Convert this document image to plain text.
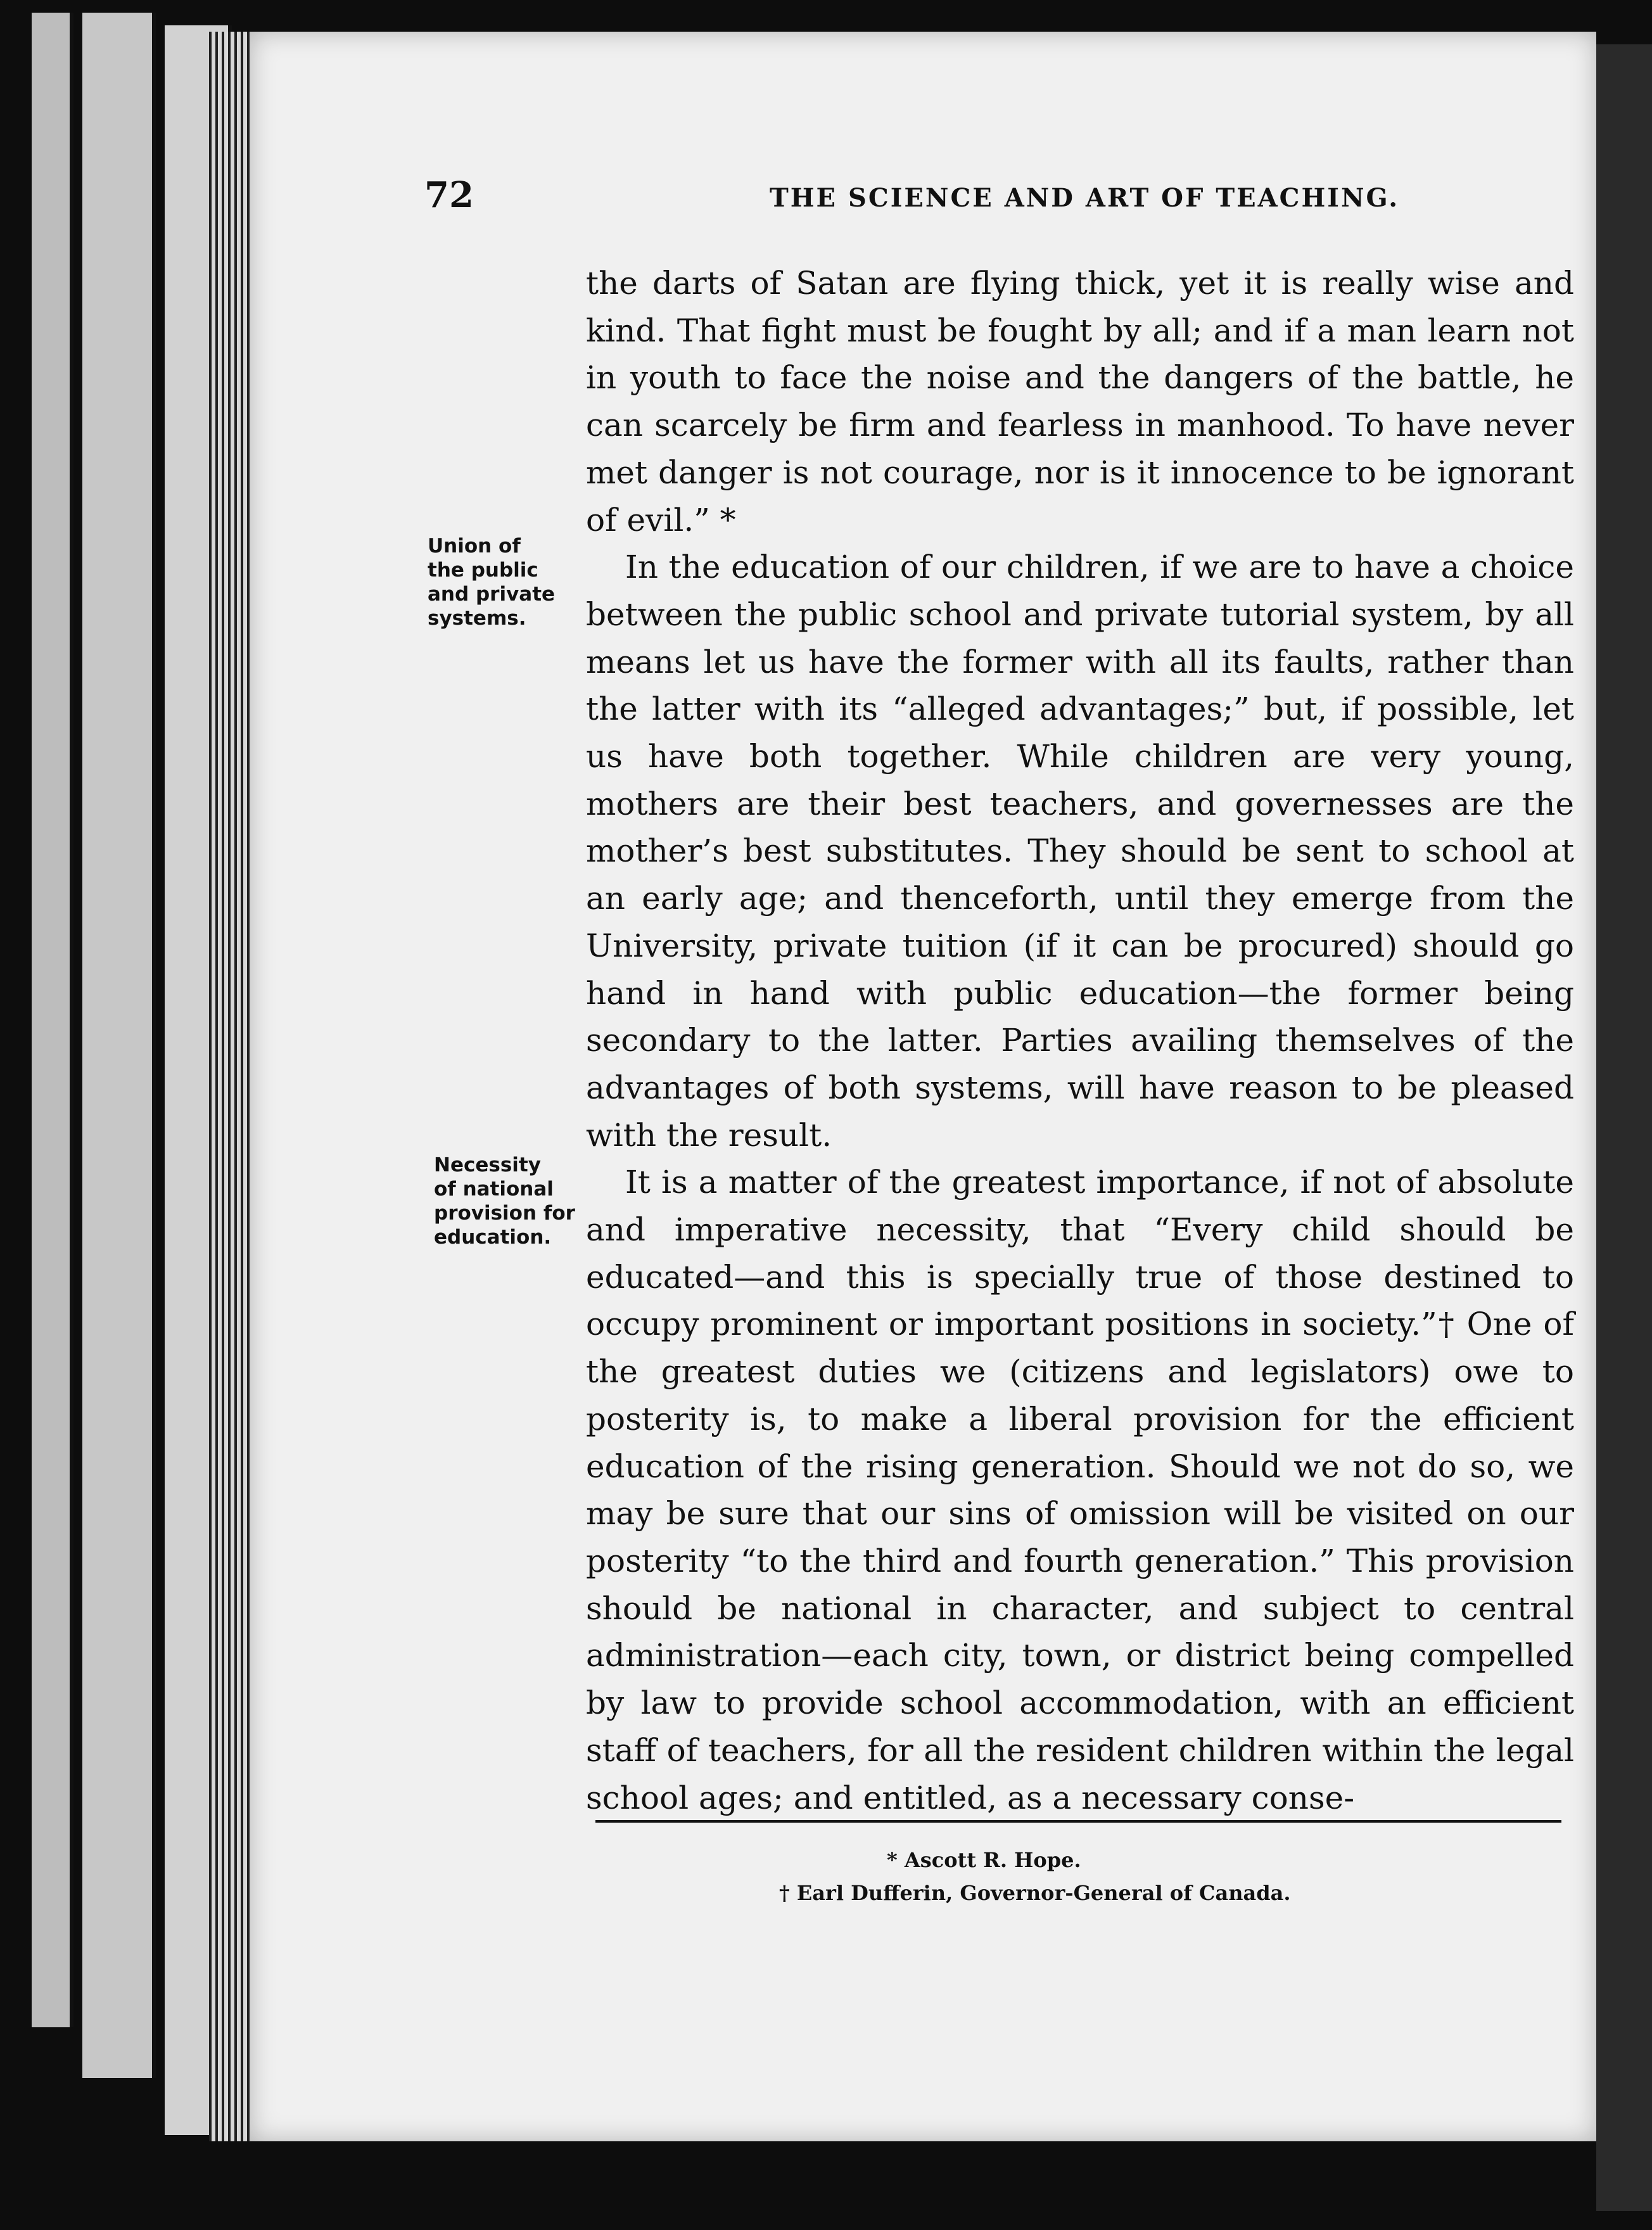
72	THE SCIENCE AND ART OF TEACHING.
Union of
the public
and private
systems.
Necessity
of national
provision for
education.

the darts of Satan are flying thick, yet it is really wise and kind. That fight must be fought by all; and if a man learn not in youth to face the noise and the dangers of the battle, he can scarcely be firm and fearless in manhood. To have never met danger is not courage, nor is it innocence to be ignorant of evil.” *

In the education of our children, if we are to have a choice between the public school and private tutorial system, by all means let us have the former with all its faults, rather than the latter with its “alleged advantages;” but, if possible, let us have both together. While children are very young, mothers are their best teachers, and governesses are the mother’s best substitutes. They should be sent to school at an early age; and thenceforth, until they emerge from the University, private tuition (if it can be procured) should go hand in hand with public education—the former being secondary to the latter. Parties availing themselves of the advantages of both systems, will have reason to be pleased with the result.

It is a matter of the greatest importance, if not of absolute and imperative necessity, that “Every child should be educated—and this is specially true of those destined to occupy prominent or important positions in society.”† One of the greatest duties we (citizens and legislators) owe to posterity is, to make a liberal provision for the efficient education of the rising generation. Should we not do so, we may be sure that our sins of omission will be visited on our posterity “to the third and fourth generation.” This provision should be national in character, and subject to central administration—each city, town, or district being compelled by law to provide school accommodation, with an efficient staff of teachers, for all the resident children within the legal school ages; and entitled, as a necessary conse-

* Ascott R. Hope.
† Earl Dufferin, Governor-General of Canada.
